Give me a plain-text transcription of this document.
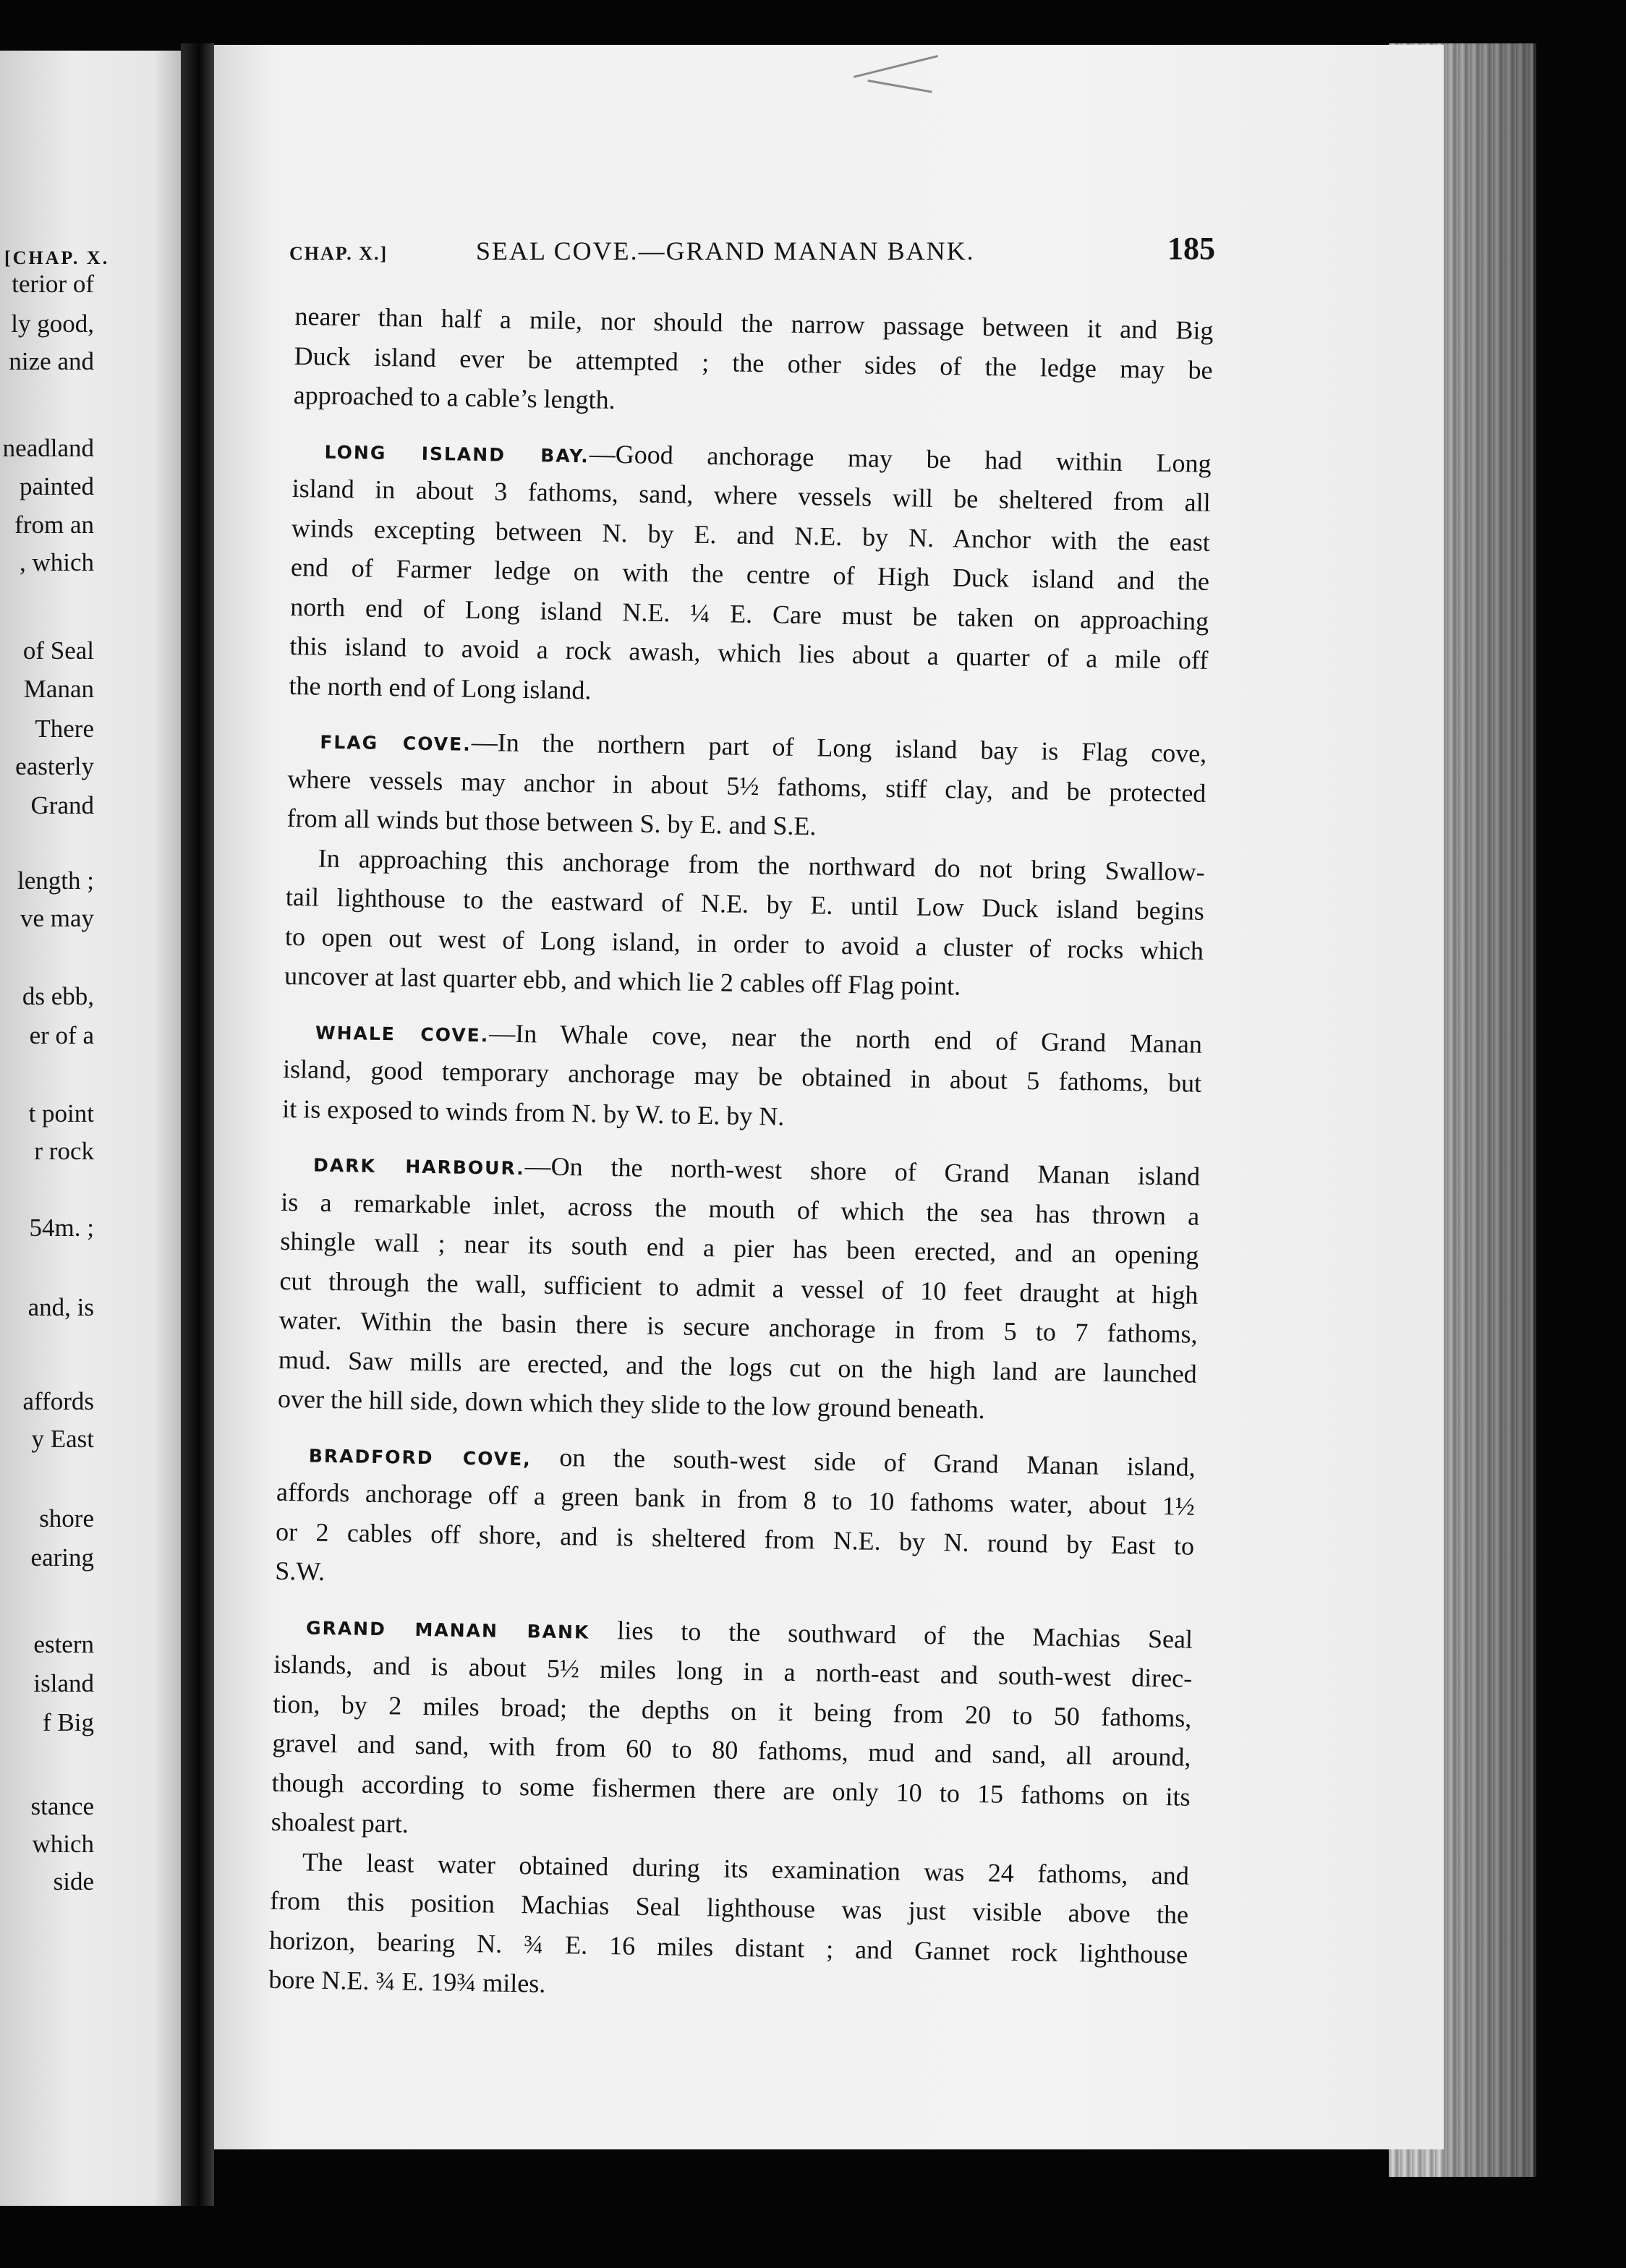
[CHAP. X.
terior of
ly good,
nize and
neadland
painted
from an
, which
of Seal
Manan
There
easterly
Grand
length ;
ve may
ds ebb,
er of a
t point
r rock
54m. ;
and, is
affords
y East
shore
earing
estern
island
f Big
stance
which
side
CHAP. X.]	SEAL COVE.—GRAND MANAN BANK.	185
nearer than half a mile, nor should the narrow passage between it and Big
Duck island ever be attempted ; the other sides of the ledge may be
approached to a cable’s length.
LONG ISLAND BAY.—Good anchorage may be had within Long
island in about 3 fathoms, sand, where vessels will be sheltered from all
winds excepting between N. by E. and N.E. by N. Anchor with the east
end of Farmer ledge on with the centre of High Duck island and the
north end of Long island N.E. ¼ E. Care must be taken on approaching
this island to avoid a rock awash, which lies about a quarter of a mile off
the north end of Long island.
FLAG COVE.—In the northern part of Long island bay is Flag cove,
where vessels may anchor in about 5½ fathoms, stiff clay, and be protected
from all winds but those between S. by E. and S.E.
In approaching this anchorage from the northward do not bring Swallow-
tail lighthouse to the eastward of N.E. by E. until Low Duck island begins
to open out west of Long island, in order to avoid a cluster of rocks which
uncover at last quarter ebb, and which lie 2 cables off Flag point.
WHALE COVE.—In Whale cove, near the north end of Grand Manan
island, good temporary anchorage may be obtained in about 5 fathoms, but
it is exposed to winds from N. by W. to E. by N.
DARK HARBOUR.—On the north-west shore of Grand Manan island
is a remarkable inlet, across the mouth of which the sea has thrown a
shingle wall ; near its south end a pier has been erected, and an opening
cut through the wall, sufficient to admit a vessel of 10 feet draught at high
water. Within the basin there is secure anchorage in from 5 to 7 fathoms,
mud. Saw mills are erected, and the logs cut on the high land are launched
over the hill side, down which they slide to the low ground beneath.
BRADFORD COVE, on the south-west side of Grand Manan island,
affords anchorage off a green bank in from 8 to 10 fathoms water, about 1½
or 2 cables off shore, and is sheltered from N.E. by N. round by East to
S.W.
GRAND MANAN BANK lies to the southward of the Machias Seal
islands, and is about 5½ miles long in a north-east and south-west direc-
tion, by 2 miles broad; the depths on it being from 20 to 50 fathoms,
gravel and sand, with from 60 to 80 fathoms, mud and sand, all around,
though according to some fishermen there are only 10 to 15 fathoms on its
shoalest part.
The least water obtained during its examination was 24 fathoms, and
from this position Machias Seal lighthouse was just visible above the
horizon, bearing N. ¾ E. 16 miles distant ; and Gannet rock lighthouse
bore N.E. ¾ E. 19¾ miles.
